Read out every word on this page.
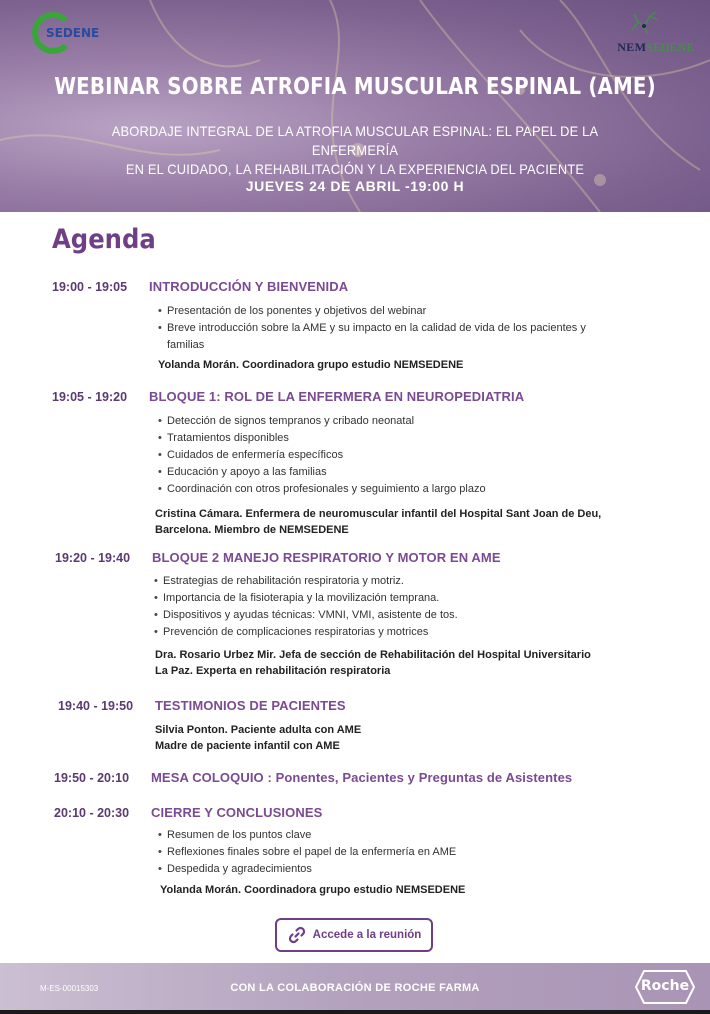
SEDENE
NEMSEDENE
WEBINAR SOBRE ATROFIA MUSCULAR ESPINAL (AME)
ABORDAJE INTEGRAL DE LA ATROFIA MUSCULAR ESPINAL: EL PAPEL DE LA ENFERMERÍA
EN EL CUIDADO, LA REHABILITACIÓN Y LA EXPERIENCIA DEL PACIENTE
JUEVES 24 DE ABRIL -19:00 H
Agenda
19:00 - 19:05 INTRODUCCIÓN Y BIENVENIDA
• Presentación de los ponentes y objetivos del webinar
• Breve introducción sobre la AME y su impacto en la calidad de vida de los pacientes y
familias
Yolanda Morán. Coordinadora grupo estudio NEMSEDENE
19:05 - 19:20 BLOQUE 1: ROL DE LA ENFERMERA EN NEUROPEDIATRIA
• Detección de signos tempranos y cribado neonatal
• Tratamientos disponibles
• Cuidados de enfermería específicos
• Educación y apoyo a las familias
• Coordinación con otros profesionales y seguimiento a largo plazo
Cristina Cámara. Enfermera de neuromuscular infantil del Hospital Sant Joan de Deu,
Barcelona. Miembro de NEMSEDENE
19:20 - 19:40 BLOQUE 2 MANEJO RESPIRATORIO Y MOTOR EN AME
• Estrategias de rehabilitación respiratoria y motriz.
• Importancia de la fisioterapia y la movilización temprana.
• Dispositivos y ayudas técnicas: VMNI, VMI, asistente de tos.
• Prevención de complicaciones respiratorias y motrices
Dra. Rosario Urbez Mir. Jefa de sección de Rehabilitación del Hospital Universitario
La Paz. Experta en rehabilitación respiratoria
19:40 - 19:50 TESTIMONIOS DE PACIENTES
Silvia Ponton. Paciente adulta con AME
Madre de paciente infantil con AME
19:50 - 20:10 MESA COLOQUIO : Ponentes, Pacientes y Preguntas de Asistentes
20:10 - 20:30 CIERRE Y CONCLUSIONES
• Resumen de los puntos clave
• Reflexiones finales sobre el papel de la enfermería en AME
• Despedida y agradecimientos
Yolanda Morán. Coordinadora grupo estudio NEMSEDENE
Accede a la reunión
M-ES-00015303	CON LA COLABORACIÓN DE ROCHE FARMA	Roche
